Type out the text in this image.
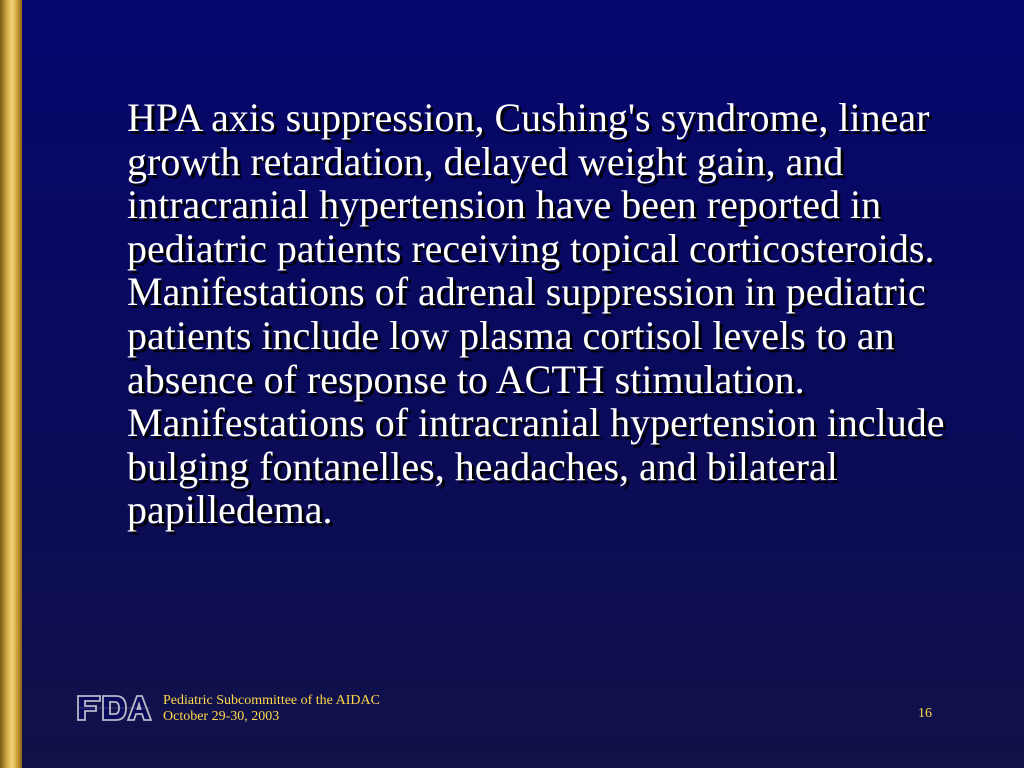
HPA axis suppression, Cushing's syndrome, linear growth retardation, delayed weight gain, and intracranial hypertension have been reported in pediatric patients receiving topical corticosteroids. Manifestations of adrenal suppression in pediatric patients include low plasma cortisol levels to an absence of response to ACTH stimulation. Manifestations of intracranial hypertension include bulging fontanelles, headaches, and bilateral papilledema.

Pediatric Subcommittee of the AIDAC
October 29-30, 2003	16
